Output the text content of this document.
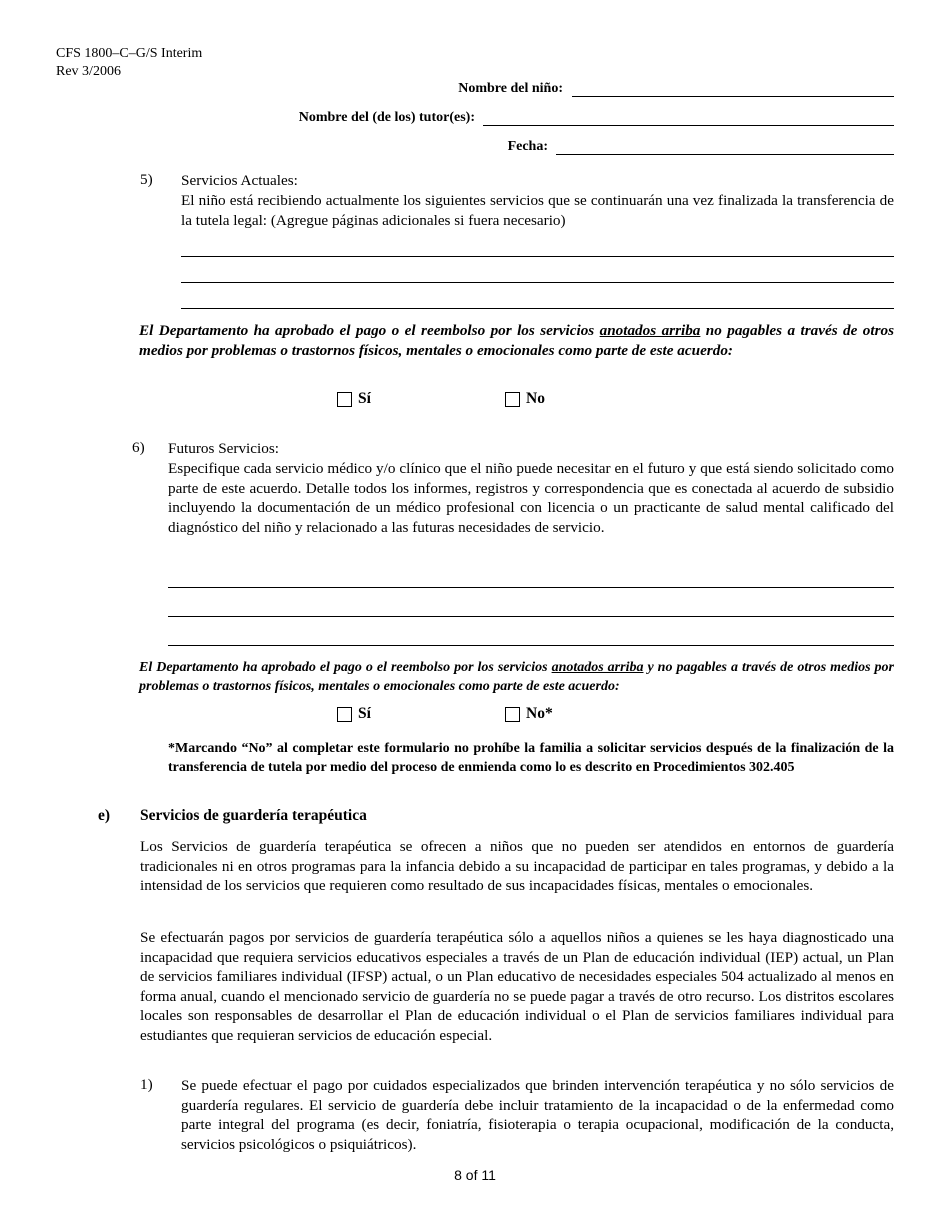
CFS 1800–C–G/S Interim
Rev 3/2006
Nombre del niño:
Nombre del (de los) tutor(es):
Fecha:
5) Servicios Actuales:
El niño está recibiendo actualmente los siguientes servicios que se continuarán una vez finalizada la transferencia de la tutela legal: (Agregue páginas adicionales si fuera necesario)
El Departamento ha aprobado el pago o el reembolso por los servicios anotados arriba no pagables a través de otros medios por problemas o trastornos físicos, mentales o emocionales como parte de este acuerdo:
Sí	No
6) Futuros Servicios:
Especifique cada servicio médico y/o clínico que el niño puede necesitar en el futuro y que está siendo solicitado como parte de este acuerdo. Detalle todos los informes, registros y correspondencia que es conectada al acuerdo de subsidio incluyendo la documentación de un médico profesional con licencia o un practicante de salud mental calificado del diagnóstico del niño y relacionado a las futuras necesidades de servicio.
El Departamento ha aprobado el pago o el reembolso por los servicios anotados arriba y no pagables a través de otros medios por problemas o trastornos físicos, mentales o emocionales como parte de este acuerdo:
Sí	No*
*Marcando “No” al completar este formulario no prohíbe la familia a solicitar servicios después de la finalización de la transferencia de tutela por medio del proceso de enmienda como lo es descrito en Procedimientos 302.405
e) Servicios de guardería terapéutica
Los Servicios de guardería terapéutica se ofrecen a niños que no pueden ser atendidos en entornos de guardería tradicionales ni en otros programas para la infancia debido a su incapacidad de participar en tales programas, y debido a la intensidad de los servicios que requieren como resultado de sus incapacidades físicas, mentales o emocionales.
Se efectuarán pagos por servicios de guardería terapéutica sólo a aquellos niños a quienes se les haya diagnosticado una incapacidad que requiera servicios educativos especiales a través de un Plan de educación individual (IEP) actual, un Plan de servicios familiares individual (IFSP) actual, o un Plan educativo de necesidades especiales 504 actualizado al menos en forma anual, cuando el mencionado servicio de guardería no se puede pagar a través de otro recurso. Los distritos escolares locales son responsables de desarrollar el Plan de educación individual o el Plan de servicios familiares individual para estudiantes que requieran servicios de educación especial.
1) Se puede efectuar el pago por cuidados especializados que brinden intervención terapéutica y no sólo servicios de guardería regulares. El servicio de guardería debe incluir tratamiento de la incapacidad o de la enfermedad como parte integral del programa (es decir, foniatría, fisioterapia o terapia ocupacional, modificación de la conducta, servicios psicológicos o psiquiátricos).
8 of 11
